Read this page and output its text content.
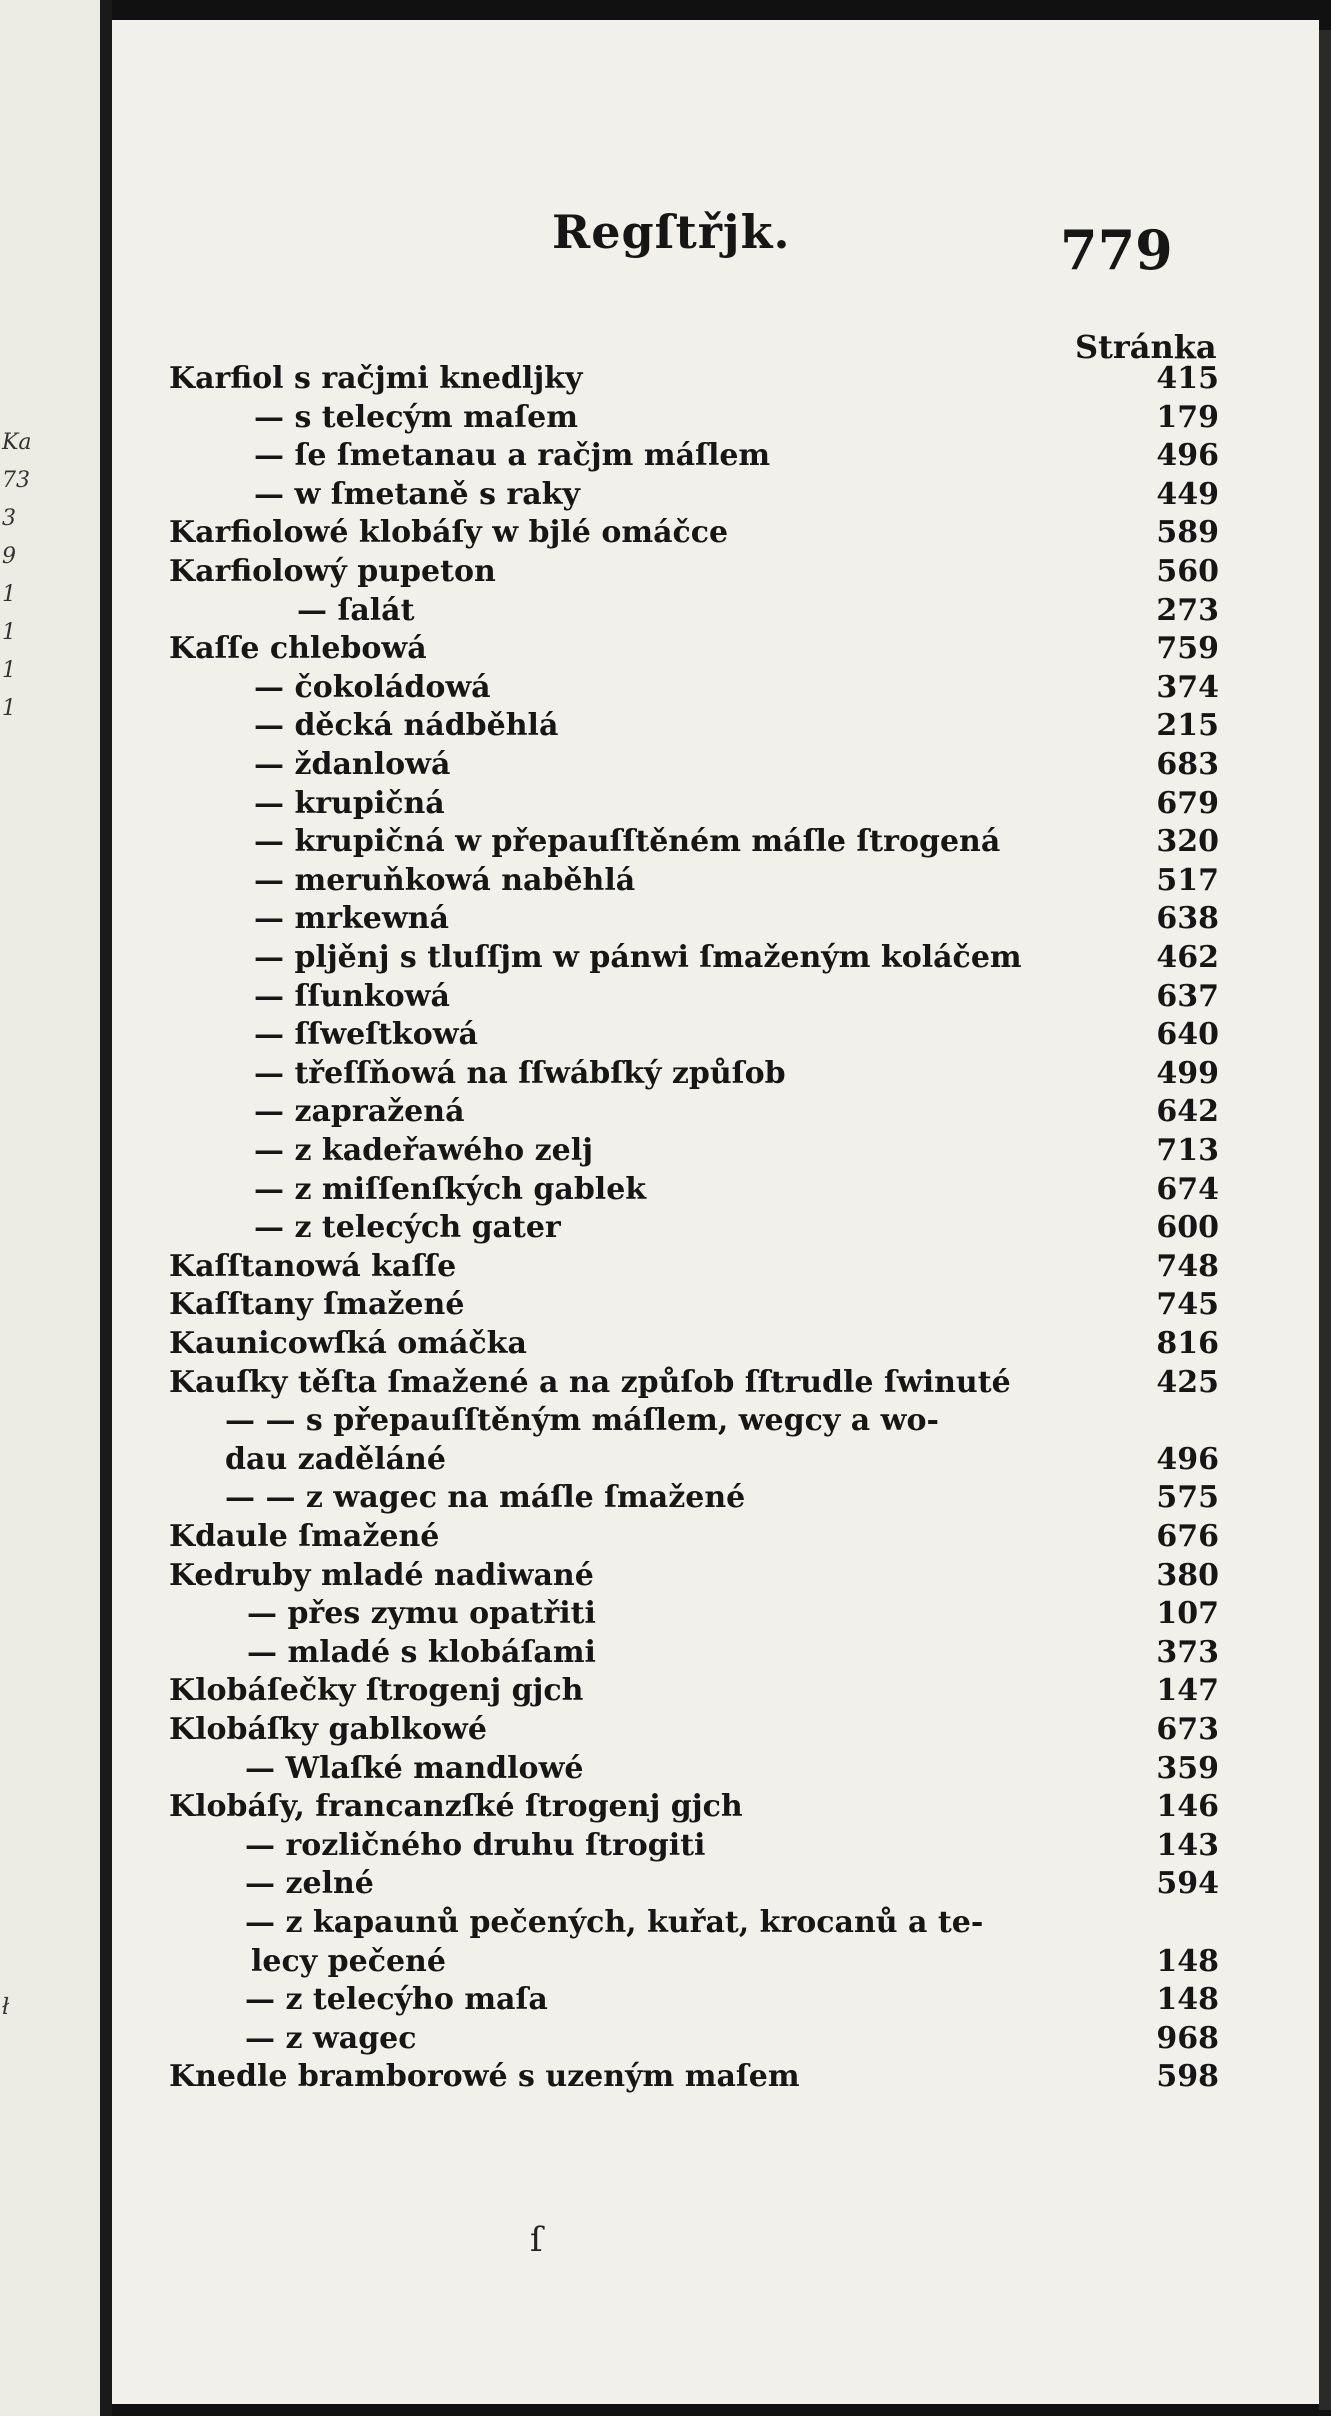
Ka
73
3
9
1
1
1
1
ł
Regſtřjk.	779
Stránka
Karfiol s račjmi knedljky	415
— s telecým maſem	179
— ſe ſmetanau a račjm máſlem	496
— w ſmetaně s raky	449
Karfiolowé klobáſy w bjlé omáčce	589
Karfiolowý pupeton	560
— ſalát	273
Kaſſe chlebowá	759
— čokoládowá	374
— děcká nádběhlá	215
— ždanlowá	683
— krupičná	679
— krupičná w přepauſſtěném máſle ſtrogená	320
— meruňkowá naběhlá	517
— mrkewná	638
— pljěnj s tluſſjm w pánwi ſmaženým koláčem	462
— ſſunkowá	637
— ſſweſtkowá	640
— třeſſňowá na ſſwábſký způſob	499
— zapražená	642
— z kadeřawého zelj	713
— z miſſenſkých gablek	674
— z telecých gater	600
Kaſſtanowá kaſſe	748
Kaſſtany ſmažené	745
Kaunicowſká omáčka	816
Kauſky těſta ſmažené a na způſob ſſtrudle ſwinuté	425
— — s přepauſſtěným máſlem, wegcy a wo-
dau zaděláné	496
— — z wagec na máſle ſmažené	575
Kdaule ſmažené	676
Kedruby mladé nadiwané	380
— přes zymu opatřiti	107
— mladé s klobáſami	373
Klobáſečky ſtrogenj gjch	147
Klobáſky gablkowé	673
— Wlaſké mandlowé	359
Klobáſy, francanzſké ſtrogenj gjch	146
— rozličného druhu ſtrogiti	143
— zelné	594
— z kapaunů pečených, kuřat, krocanů a te-
lecy pečené	148
— z telecýho maſa	148
— z wagec	968
Knedle bramborowé s uzeným maſem	598
ſ
